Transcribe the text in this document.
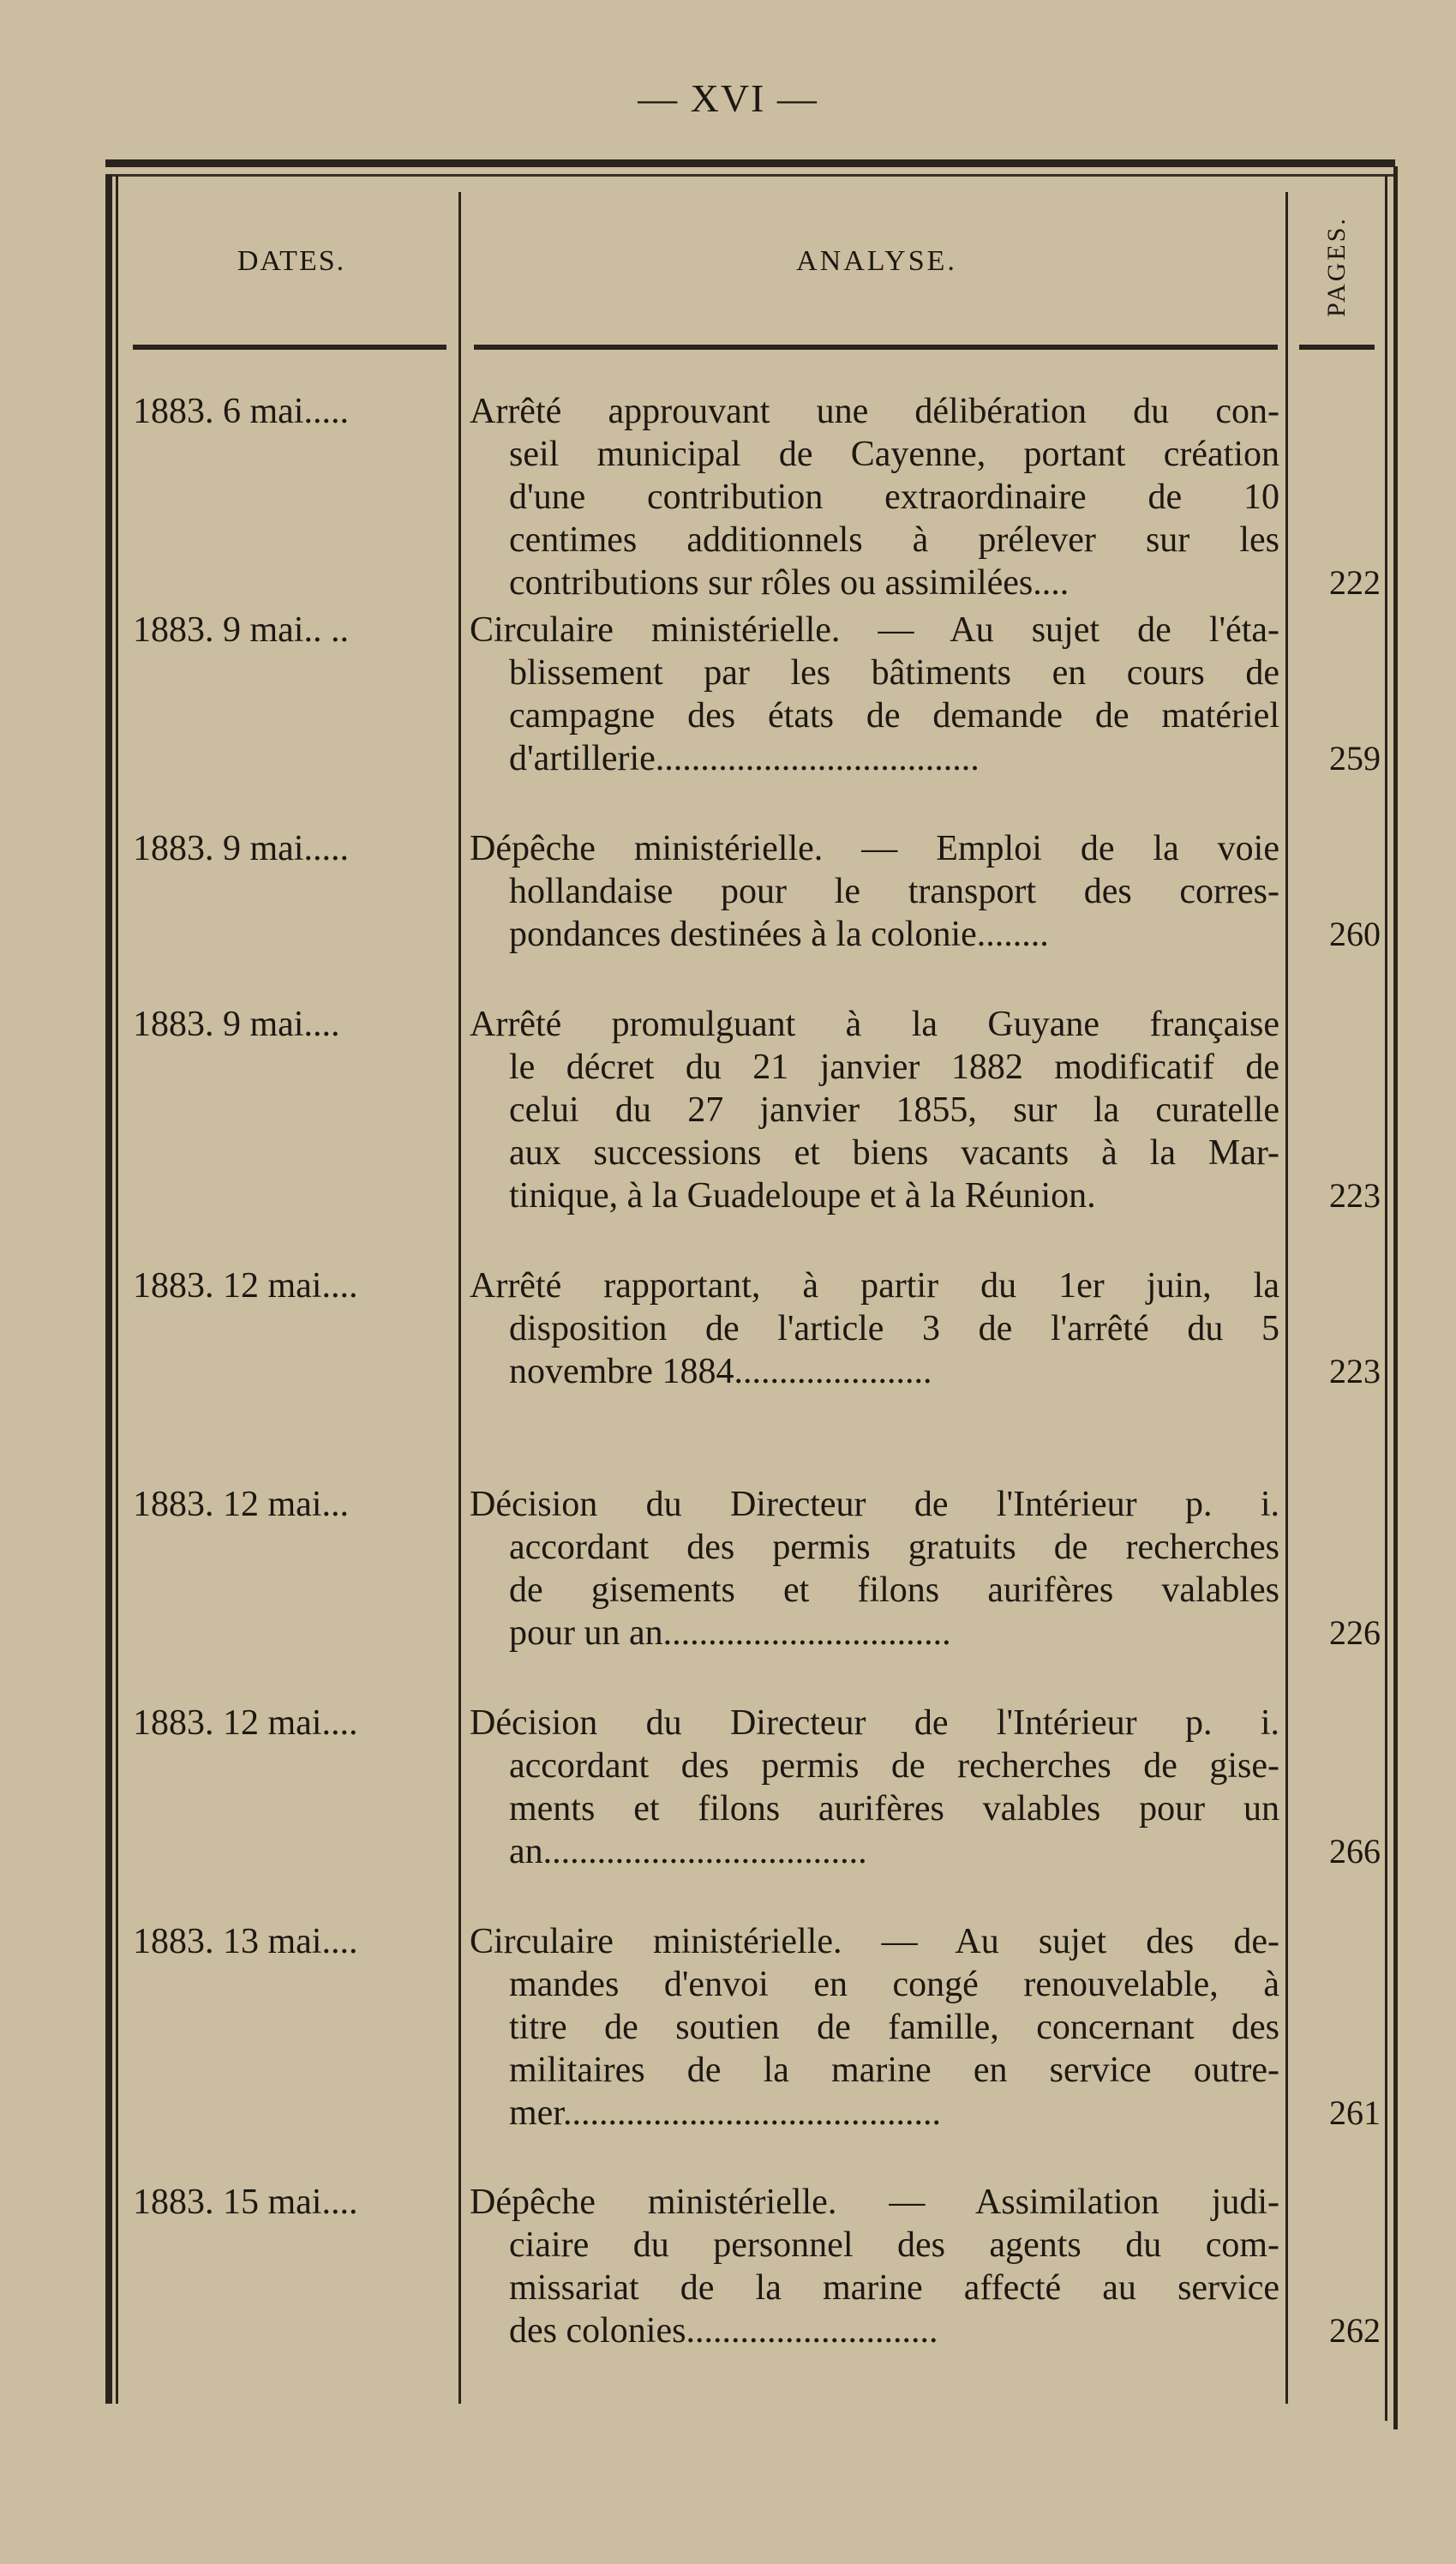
— XVI —
DATES.	ANALYSE.	PAGES.
1883. 6 mai.....	Arrêté approuvant une délibération du con-
seil municipal de Cayenne, portant création
d'une contribution extraordinaire de 10
centimes additionnels à prélever sur les
contributions sur rôles ou assimilées....	222
1883. 9 mai.. ..	Circulaire ministérielle. — Au sujet de l'éta-
blissement par les bâtiments en cours de
campagne des états de demande de matériel
d'artillerie....................................	259
1883. 9 mai.....	Dépêche ministérielle. — Emploi de la voie
hollandaise pour le transport des corres-
pondances destinées à la colonie........	260
1883. 9 mai....	Arrêté promulguant à la Guyane française
le décret du 21 janvier 1882 modificatif de
celui du 27 janvier 1855, sur la curatelle
aux successions et biens vacants à la Mar-
tinique, à la Guadeloupe et à la Réunion.	223
1883. 12 mai....	Arrêté rapportant, à partir du 1er juin, la
disposition de l'article 3 de l'arrêté du 5
novembre 1884......................	223
1883. 12 mai...	Décision du Directeur de l'Intérieur p. i.
accordant des permis gratuits de recherches
de gisements et filons aurifères valables
pour un an................................	226
1883. 12 mai....	Décision du Directeur de l'Intérieur p. i.
accordant des permis de recherches de gise-
ments et filons aurifères valables pour un
an....................................	266
1883. 13 mai....	Circulaire ministérielle. — Au sujet des de-
mandes d'envoi en congé renouvelable, à
titre de soutien de famille, concernant des
militaires de la marine en service outre-
mer..........................................	261
1883. 15 mai....	Dépêche ministérielle. — Assimilation judi-
ciaire du personnel des agents du com-
missariat de la marine affecté au service
des colonies............................	262
